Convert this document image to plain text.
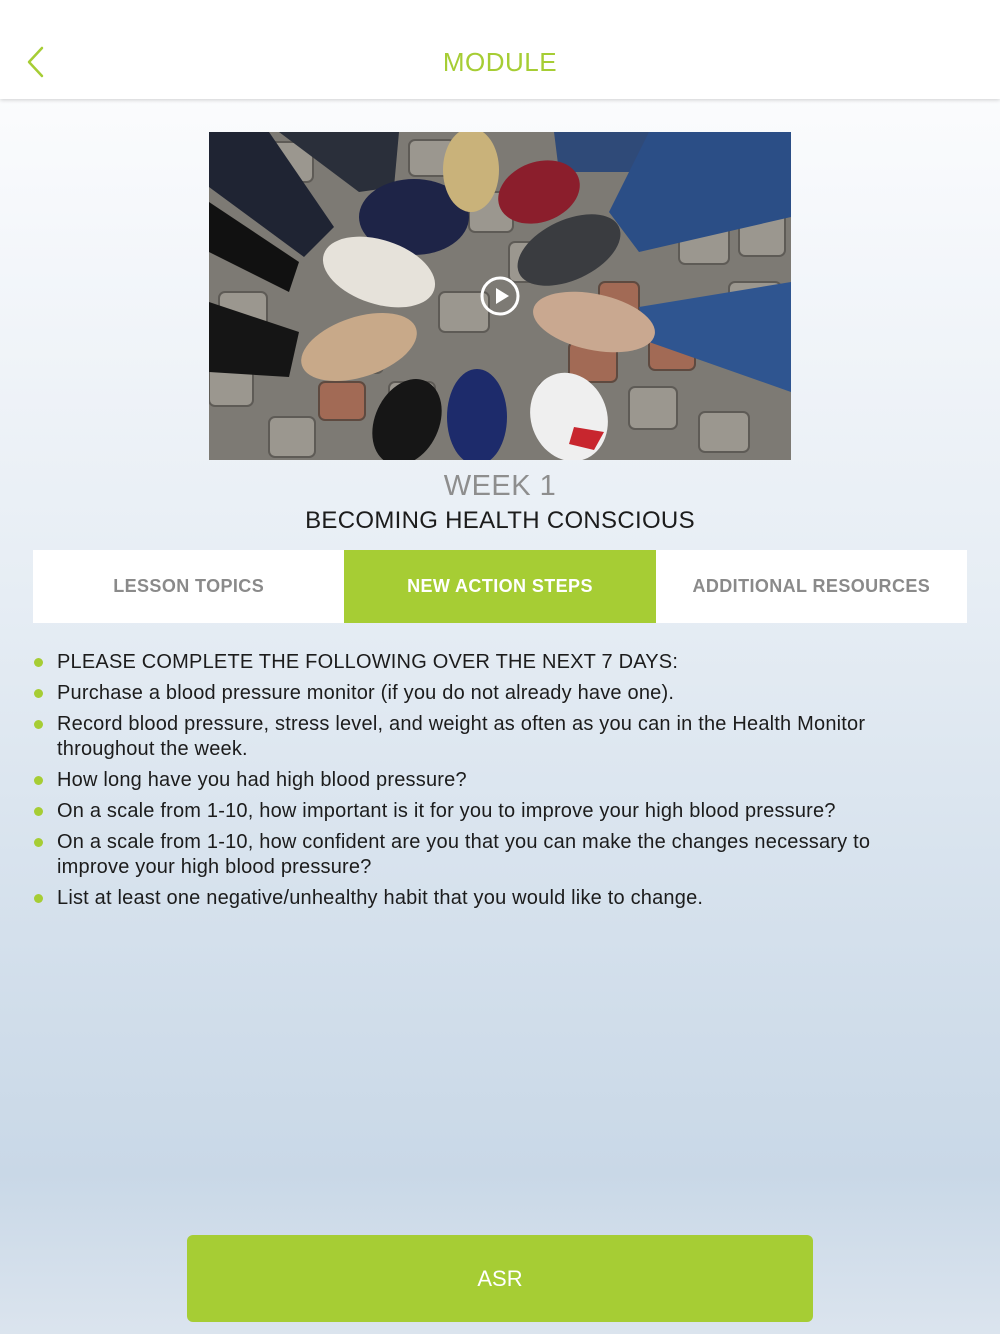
MODULE
WEEK 1
BECOMING HEALTH CONSCIOUS
LESSON TOPICS	NEW ACTION STEPS	ADDITIONAL RESOURCES
PLEASE COMPLETE THE FOLLOWING OVER THE NEXT 7 DAYS:
Purchase a blood pressure monitor (if you do not already have one).
Record blood pressure, stress level, and weight as often as you can in the Health Monitor throughout the week.
How long have you had high blood pressure?
On a scale from 1-10, how important is it for you to improve your high blood pressure?
On a scale from 1-10, how confident are you that you can make the changes necessary to improve your high blood pressure?
List at least one negative/unhealthy habit that you would like to change.
ASR
